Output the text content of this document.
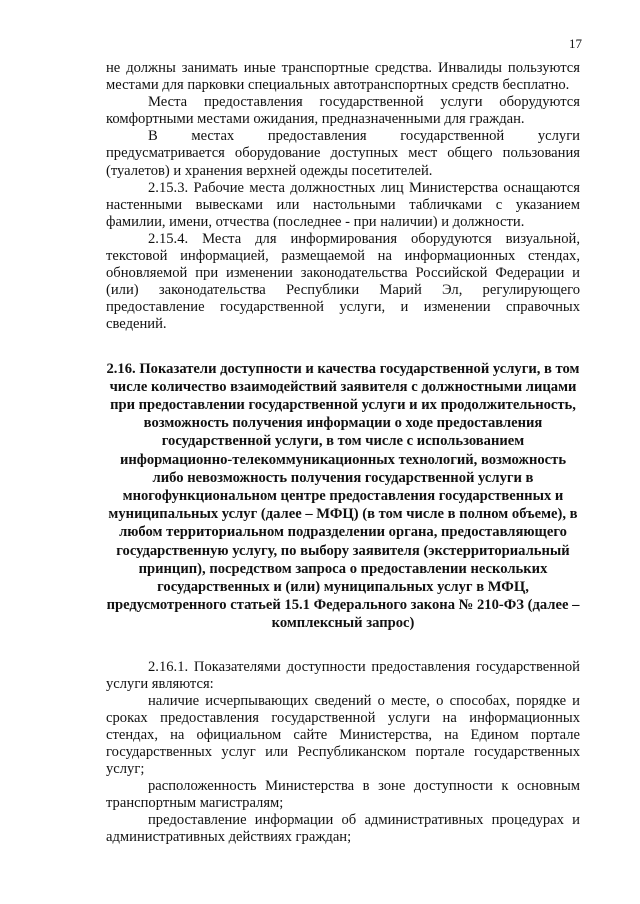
17

не должны занимать иные транспортные средства. Инвалиды пользуются местами для парковки специальных автотранспортных средств бесплатно.

Места предоставления государственной услуги оборудуются комфортными местами ожидания, предназначенными для граждан.

В местах предоставления государственной услуги предусматривается оборудование доступных мест общего пользования (туалетов) и хранения верхней одежды посетителей.

2.15.3. Рабочие места должностных лиц Министерства оснащаются настенными вывесками или настольными табличками с указанием фамилии, имени, отчества (последнее - при наличии) и должности.

2.15.4. Места для информирования оборудуются визуальной, текстовой информацией, размещаемой на информационных стендах, обновляемой при изменении законодательства Российской Федерации и (или) законодательства Республики Марий Эл, регулирующего предоставление государственной услуги, и изменении справочных сведений.

2.16. Показатели доступности и качества государственной услуги, в том числе количество взаимодействий заявителя с должностными лицами при предоставлении государственной услуги и их продолжительность, возможность получения информации о ходе предоставления государственной услуги, в том числе с использованием информационно-телекоммуникационных технологий, возможность либо невозможность получения государственной услуги в многофункциональном центре предоставления государственных и муниципальных услуг (далее – МФЦ) (в том числе в полном объеме), в любом территориальном подразделении органа, предоставляющего государственную услугу, по выбору заявителя (экстерриториальный принцип), посредством запроса о предоставлении нескольких государственных и (или) муниципальных услуг в МФЦ, предусмотренного статьей 15.1 Федерального закона № 210-ФЗ (далее – комплексный запрос)

2.16.1. Показателями доступности предоставления государственной услуги являются:

наличие исчерпывающих сведений о месте, о способах, порядке и сроках предоставления государственной услуги на информационных стендах, на официальном сайте Министерства, на Едином портале государственных услуг или Республиканском портале государственных услуг;

расположенность Министерства в зоне доступности к основным транспортным магистралям;

предоставление информации об административных процедурах и административных действиях граждан;
